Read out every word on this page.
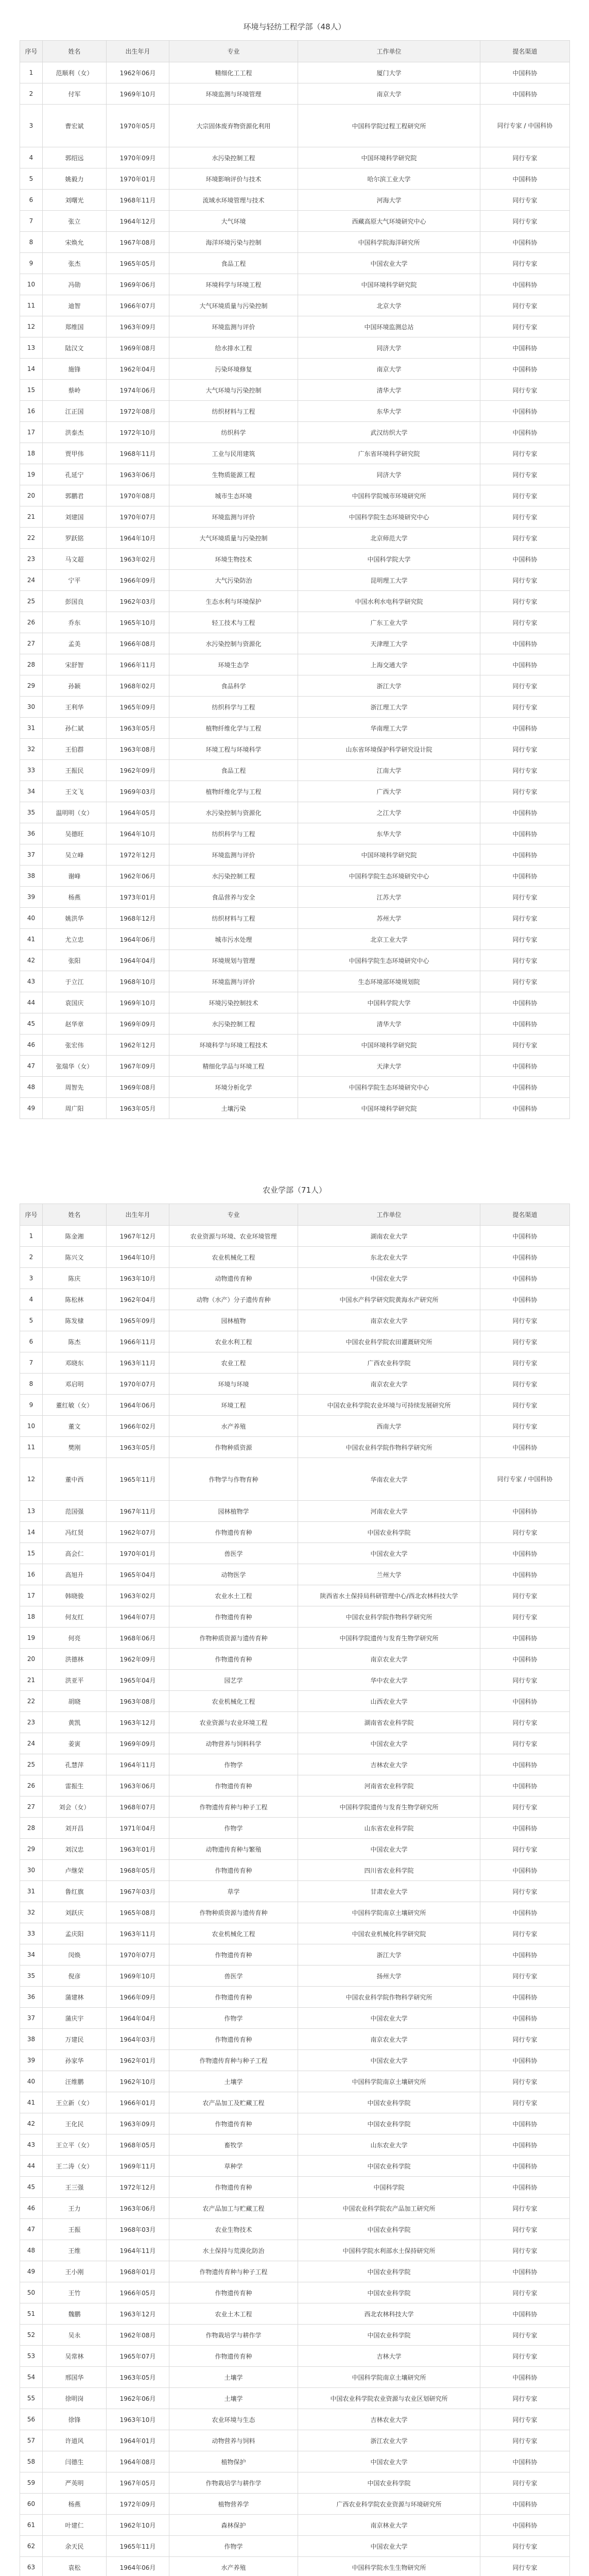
环境与轻纺工程学部（48人）
序号	姓名	出生年月	专业	工作单位	提名渠道
1	范顺利（女）	1962年06月	精细化工工程	厦门大学	中国科协
2	付军	1969年10月	环境监测与环境管理	南京大学	中国科协
3	曹宏斌	1970年05月	大宗固体废弃物资源化利用	中国科学院过程工程研究所	同行专家 / 中国科协
4	郭绍远	1970年09月	水污染控制工程	中国环境科学研究院	同行专家
5	姚毅力	1970年01月	环境影响评价与技术	哈尔滨工业大学	中国科协
6	刘曙光	1968年11月	流域水环境管理与技术	河海大学	同行专家
7	张立	1964年12月	大气环境	西藏高原大气环境研究中心	同行专家
8	宋焕允	1967年08月	海洋环境污染与控制	中国科学院海洋研究所	中国科协
9	张杰	1965年05月	食品工程	中国农业大学	同行专家
10	冯勋	1969年06月	环境科学与环境工程	中国环境科学研究院	中国科协
11	迪智	1966年07月	大气环境质量与污染控制	北京大学	同行专家
12	郑维国	1963年09月	环境监测与评价	中国环境监测总站	同行专家
13	陆汉文	1969年08月	给水排水工程	同济大学	中国科协
14	施锋	1962年04月	污染环境修复	南京大学	中国科协
15	蔡岭	1974年06月	大气环境与污染控制	清华大学	同行专家
16	江正国	1972年08月	纺织材料与工程	东华大学	中国科协
17	洪泰杰	1972年10月	纺织科学	武汉纺织大学	中国科协
18	贾甲伟	1968年11月	工业与民用建筑	广东省环境科学研究院	同行专家
19	孔延宁	1963年06月	生物质能源工程	同济大学	同行专家
20	郭鹏君	1970年08月	城市生态环境	中国科学院城市环境研究所	同行专家
21	刘建国	1970年07月	环境监测与评价	中国科学院生态环境研究中心	同行专家
22	罗跃铭	1964年10月	大气环境质量与污染控制	北京师范大学	同行专家
23	马文超	1963年02月	环境生物技术	中国科学院大学	中国科协
24	宁平	1966年09月	大气污染防治	昆明理工大学	同行专家
25	彭国良	1962年03月	生态水利与环境保护	中国水利水电科学研究院	同行专家
26	乔东	1965年10月	轻工技术与工程	广东工业大学	同行专家
27	孟美	1966年08月	水污染控制与资源化	天津理工大学	中国科协
28	宋舒智	1966年11月	环境生态学	上海交通大学	中国科协
29	孙颖	1968年02月	食品科学	浙江大学	同行专家
30	王利华	1965年09月	纺织科学与工程	浙江理工大学	同行专家
31	孙仁斌	1963年05月	植物纤维化学与工程	华南理工大学	中国科协
32	王伯群	1963年08月	环境工程与环境科学	山东省环境保护科学研究设计院	同行专家
33	王振民	1962年09月	食品工程	江南大学	同行专家
34	王文飞	1969年03月	植物纤维化学与工程	广西大学	同行专家
35	温明明（女）	1964年05月	水污染控制与资源化	之江大学	中国科协
36	吴德旺	1964年10月	纺织科学与工程	东华大学	中国科协
37	吴立峰	1972年12月	环境监测与评价	中国环境科学研究院	中国科协
38	谢峰	1962年06月	水污染控制工程	中国科学院生态环境研究中心	中国科协
39	杨燕	1973年01月	食品营养与安全	江苏大学	同行专家
40	姚洪华	1968年12月	纺织材料与工程	苏州大学	同行专家
41	尤立忠	1964年06月	城市污水处理	北京工业大学	同行专家
42	张阳	1964年04月	环境规划与管理	中国科学院生态环境研究中心	同行专家
43	于立江	1968年10月	环境监测与评价	生态环境部环境规划院	同行专家
44	袁国庆	1969年10月	环境污染控制技术	中国科学院大学	中国科协
45	赵华章	1969年09月	水污染控制工程	清华大学	中国科协
46	张宏伟	1962年12月	环境科学与环境工程技术	中国环境科学研究院	同行专家
47	张瑞华（女）	1967年09月	精细化学品与环境工程	天津大学	中国科协
48	周智先	1969年08月	环境分析化学	中国科学院生态环境研究中心	中国科协
49	周广阳	1963年05月	土壤污染	中国环境科学研究院	中国科协
农业学部（71人）
序号	姓名	出生年月	专业	工作单位	提名渠道
1	陈金湘	1967年12月	农业资源与环境、农业环境管理	湖南农业大学	中国科协
2	陈兴文	1964年10月	农业机械化工程	东北农业大学	中国科协
3	陈庆	1963年10月	动物遗传育种	中国农业大学	中国科协
4	陈松林	1962年04月	动物（水产）分子遗传育种	中国水产科学研究院黄海水产研究所	中国科协
5	陈发棣	1965年09月	园林植物	南京农业大学	同行专家
6	陈杰	1966年11月	农业水利工程	中国农业科学院农田灌溉研究所	同行专家
7	邓晓东	1963年11月	农业工程	广西农业科学院	同行专家
8	邓启明	1970年07月	环境与环境	南京农业大学	同行专家
9	董红敏（女）	1964年06月	环境工程	中国农业科学院农业环境与可持续发展研究所	同行专家
10	董文	1966年02月	水产养殖	西南大学	同行专家
11	樊刚	1963年05月	作物种质资源	中国农业科学院作物科学研究所	中国科协
12	董中西	1965年11月	作物学与作物育种	华南农业大学	同行专家 / 中国科协
13	范国强	1967年11月	园林植物学	河南农业大学	中国科协
14	冯红贤	1962年07月	作物遗传育种	中国农业科学院	同行专家
15	高会仁	1970年01月	兽医学	中国农业大学	中国科协
16	高旭升	1965年04月	动物医学	兰州大学	中国科协
17	韩晓骏	1963年02月	农业水土工程	陕西省水土保持局科研管理中心/西北农林科技大学	同行专家
18	何友红	1964年07月	作物遗传育种	中国农业科学院作物科学研究所	同行专家
19	何亮	1968年06月	作物种质资源与遗传育种	中国科学院遗传与发育生物学研究所	中国科协
20	洪德林	1962年09月	作物遗传育种	南京农业大学	中国科协
21	洪亚平	1965年04月	园艺学	华中农业大学	同行专家
22	胡晓	1963年08月	农业机械化工程	山西农业大学	中国科协
23	黄凯	1963年12月	农业资源与农业环境工程	湖南省农业科学院	同行专家
24	姜寅	1969年09月	动物营养与饲料科学	中国农业大学	同行专家
25	孔慧萍	1964年11月	作物学	吉林农业大学	中国科协
26	雷振生	1963年06月	作物遗传育种	河南省农业科学院	中国科协
27	刘会（女）	1968年07月	作物遗传育种与种子工程	中国科学院遗传与发育生物学研究所	同行专家
28	刘开昌	1971年04月	作物学	山东省农业科学院	中国科协
29	刘汉忠	1963年01月	动物遗传育种与繁殖	中国农业大学	同行专家
30	卢继荣	1968年05月	作物遗传育种	四川省农业科学院	中国科协
31	鲁红旗	1967年03月	草学	甘肃农业大学	同行专家
32	刘跃庆	1965年08月	作物种质资源与遗传育种	中国科学院南京土壤研究所	中国科协
33	孟庆阳	1963年11月	农业机械化工程	中国农业机械化科学研究院	同行专家
34	闵焕	1970年07月	作物遗传育种	浙江大学	中国科协
35	倪彦	1969年10月	兽医学	扬州大学	同行专家
36	蒲建林	1966年09月	作物遗传育种	中国农业科学院作物科学研究所	中国科协
37	蒲庆宇	1964年04月	作物学	中国农业大学	中国科协
38	万建民	1964年03月	作物遗传育种	南京农业大学	同行专家
39	孙家华	1962年01月	作物遗传育种与种子工程	中国农业大学	中国科协
40	汪维鹏	1962年10月	土壤学	中国科学院南京土壤研究所	同行专家
41	王立新（女）	1966年01月	农产品加工及贮藏工程	中国农业科学院	同行专家
42	王化民	1963年09月	作物遗传育种	中国农业科学院	中国科协
43	王立平（女）	1968年05月	畜牧学	山东农业大学	中国科协
44	王二涛（女）	1969年11月	草种学	中国农业科学院	中国科协
45	王三强	1972年12月	作物遗传育种	中国科学院	中国科协
46	王力	1963年06月	农产品加工与贮藏工程	中国农业科学院农产品加工研究所	同行专家
47	王振	1968年03月	农业生物技术	中国农业科学院	同行专家
48	王维	1964年11月	水土保持与荒漠化防治	中国科学院水利部水土保持研究所	同行专家
49	王小刚	1968年01月	作物遗传育种与种子工程	中国农业科学院	中国科协
50	王竹	1966年05月	作物遗传育种	中国农业科学院	同行专家
51	魏鹏	1963年12月	农业土木工程	西北农林科技大学	中国科协
52	吴永	1962年08月	作物栽培学与耕作学	中国农业科学院	同行专家
53	吴常林	1965年07月	作物遗传育种	吉林大学	同行专家
54	邢国华	1963年05月	土壤学	中国科学院南京土壤研究所	中国科协
55	徐明岗	1962年06月	土壤学	中国农业科学院农业资源与农业区划研究所	同行专家
56	徐锋	1963年10月	农业环境与生态	吉林农业大学	同行专家
57	许道风	1964年01月	动物营养与饲料	浙江农业大学	同行专家
58	闫德生	1964年08月	植物保护	中国农业大学	中国科协
59	严英明	1967年05月	作物栽培学与耕作学	中国农业科学院	同行专家
60	杨燕	1972年09月	植物营养学	广西农业科学院农业资源与环境研究所	中国科协
61	叶建仁	1962年10月	森林保护	南京林业大学	中国科协
62	余天民	1965年11月	作物学	中国农业大学	同行专家
63	袁松	1964年06月	水产养殖	中国科学院水生生物研究所	同行专家
